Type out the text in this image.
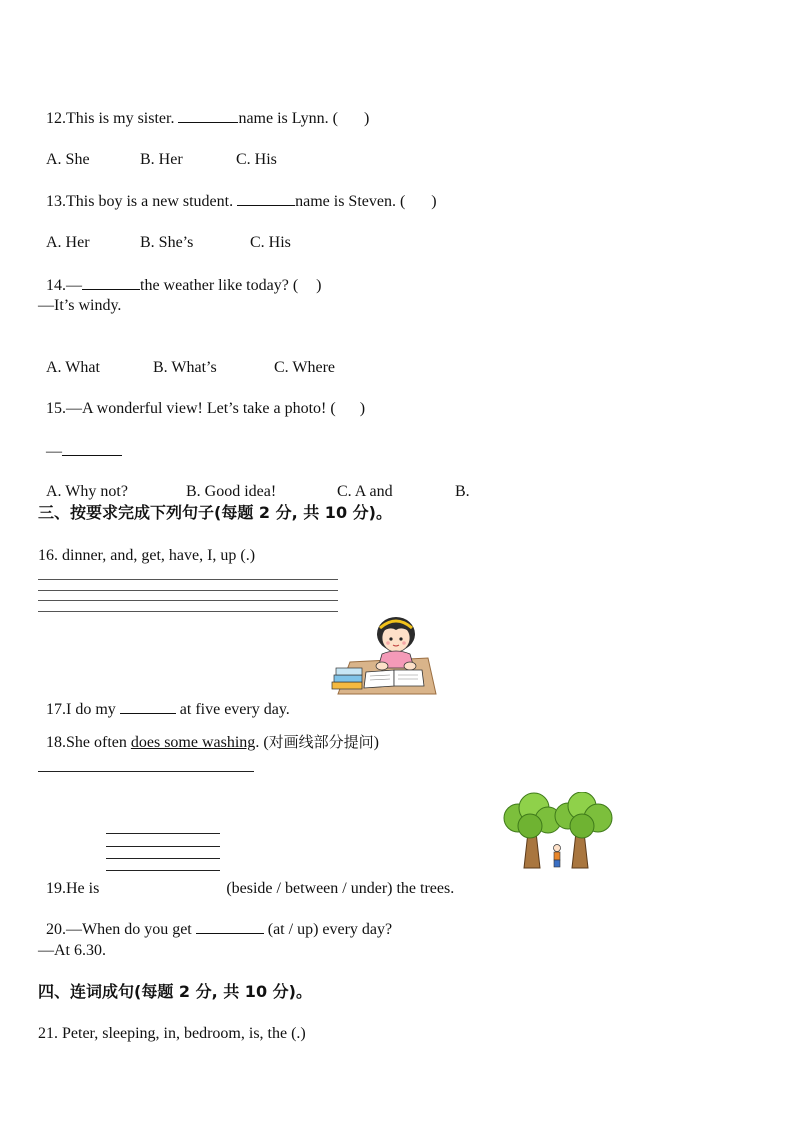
12.This is my sister.	name is Lynn. ( )

A. She	B. Her	C. His

13.This boy is a new student.	name is Steven. ( )

A. Her	B. She’s	C. His

14.—	the weather like today? ( )

—It’s windy.

A. What	B. What’s	C. Where

15.—A wonderful view! Let’s take a photo! ( )

—

A. Why not?	B. Good idea!	C. A and	B.

三、按要求完成下列句子(每题 2 分, 共 10 分)。
16. dinner, and, get, have, I, up (.)

17.I do my	at five every day.

18.She often does some washing. (对画线部分提问)

19.He is	(beside / between / under) the trees.

20.—When do you get	(at / up) every day?

—At 6.30.
四、连词成句(每题 2 分, 共 10 分)。
21. Peter, sleeping, in, bedroom, is, the (.)
